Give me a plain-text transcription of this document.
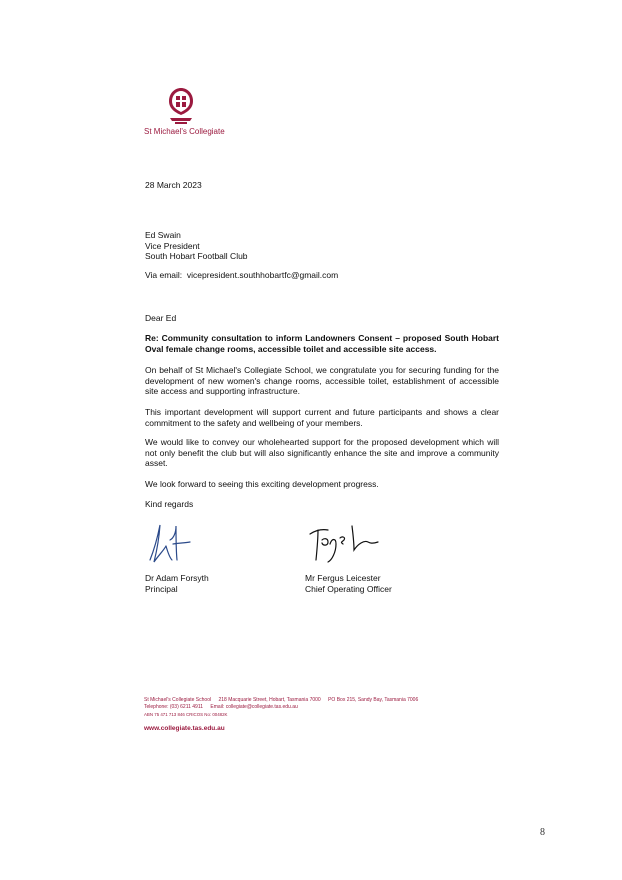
St Michael's Collegiate
28 March 2023
Ed Swain
Vice President
South Hobart Football Club
Via email: vicepresident.southhobartfc@gmail.com
Dear Ed
Re: Community consultation to inform Landowners Consent – proposed South Hobart Oval female change rooms, accessible toilet and accessible site access.
On behalf of St Michael's Collegiate School, we congratulate you for securing funding for the development of new women's change rooms, accessible toilet, establishment of accessible site access and supporting infrastructure.
This important development will support current and future participants and shows a clear commitment to the safety and wellbeing of your members.
We would like to convey our wholehearted support for the proposed development which will not only benefit the club but will also significantly enhance the site and improve a community asset.
We look forward to seeing this exciting development progress.
Kind regards
Dr Adam Forsyth
Principal
Mr Fergus Leicester
Chief Operating Officer
St Michael's Collegiate School 218 Macquarie Street, Hobart, Tasmania 7000 PO Box 215, Sandy Bay, Tasmania 7006
Telephone: (03) 6211 4911 Email: collegiate@collegiate.tas.edu.au
ABN 75 471 713 846 CRICOS No: 00482K
www.collegiate.tas.edu.au
8
